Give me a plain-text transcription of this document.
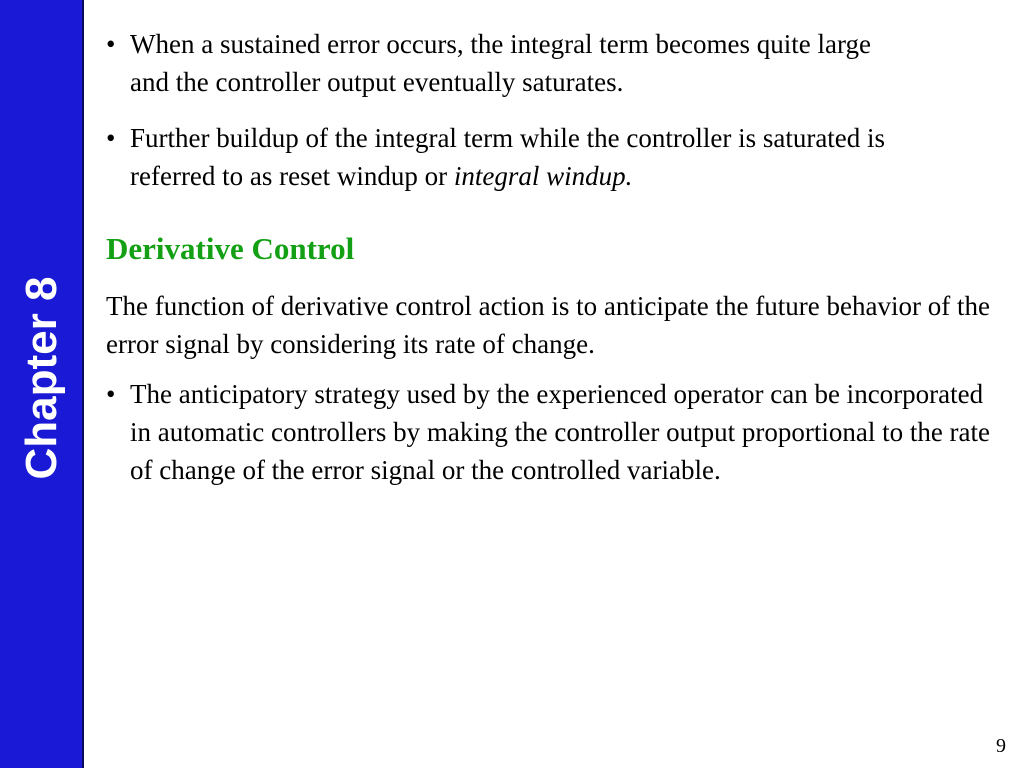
Chapter 8
• When a sustained error occurs, the integral term becomes quite large and the controller output eventually saturates.
• Further buildup of the integral term while the controller is saturated is referred to as reset windup or integral windup.
Derivative Control
The function of derivative control action is to anticipate the future behavior of the error signal by considering its rate of change.
• The anticipatory strategy used by the experienced operator can be incorporated in automatic controllers by making the controller output proportional to the rate of change of the error signal or the controlled variable.
9
